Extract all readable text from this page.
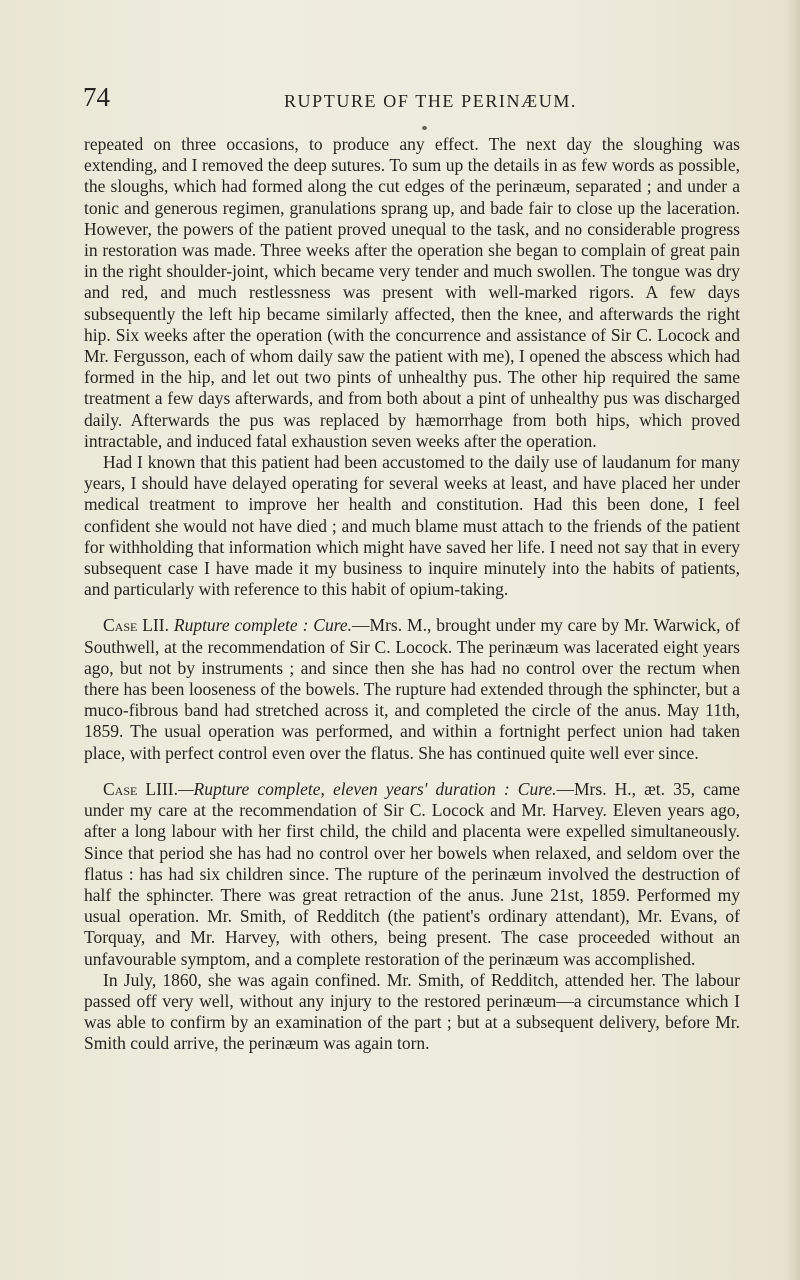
74	RUPTURE OF THE PERINÆUM.

repeated on three occasions, to produce any effect. The next day the sloughing was extending, and I removed the deep sutures. To sum up the details in as few words as possible, the sloughs, which had formed along the cut edges of the perinæum, separated ; and under a tonic and generous regimen, granulations sprang up, and bade fair to close up the laceration. However, the powers of the patient proved unequal to the task, and no considerable progress in restoration was made. Three weeks after the operation she began to complain of great pain in the right shoulder-joint, which became very tender and much swollen. The tongue was dry and red, and much restlessness was present with well-marked rigors. A few days subsequently the left hip became similarly affected, then the knee, and afterwards the right hip. Six weeks after the operation (with the concurrence and assistance of Sir C. Locock and Mr. Fergusson, each of whom daily saw the patient with me), I opened the abscess which had formed in the hip, and let out two pints of unhealthy pus. The other hip required the same treatment a few days afterwards, and from both about a pint of unhealthy pus was discharged daily. Afterwards the pus was replaced by hæmorrhage from both hips, which proved intractable, and induced fatal exhaustion seven weeks after the operation.

Had I known that this patient had been accustomed to the daily use of laudanum for many years, I should have delayed operating for several weeks at least, and have placed her under medical treatment to improve her health and constitution. Had this been done, I feel confident she would not have died ; and much blame must attach to the friends of the patient for withholding that information which might have saved her life. I need not say that in every subsequent case I have made it my business to inquire minutely into the habits of patients, and particularly with reference to this habit of opium-taking.

Case LII. Rupture complete : Cure.—Mrs. M., brought under my care by Mr. Warwick, of Southwell, at the recommendation of Sir C. Locock. The perinæum was lacerated eight years ago, but not by instruments ; and since then she has had no control over the rectum when there has been looseness of the bowels. The rupture had extended through the sphincter, but a muco-fibrous band had stretched across it, and completed the circle of the anus. May 11th, 1859. The usual operation was performed, and within a fortnight perfect union had taken place, with perfect control even over the flatus. She has continued quite well ever since.

Case LIII.—Rupture complete, eleven years' duration : Cure.—Mrs. H., æt. 35, came under my care at the recommendation of Sir C. Locock and Mr. Harvey. Eleven years ago, after a long labour with her first child, the child and placenta were expelled simultaneously. Since that period she has had no control over her bowels when relaxed, and seldom over the flatus : has had six children since. The rupture of the perinæum involved the destruction of half the sphincter. There was great retraction of the anus. June 21st, 1859. Performed my usual operation. Mr. Smith, of Redditch (the patient's ordinary attendant), Mr. Evans, of Torquay, and Mr. Harvey, with others, being present. The case proceeded without an unfavourable symptom, and a complete restoration of the perinæum was accomplished.

In July, 1860, she was again confined. Mr. Smith, of Redditch, attended her. The labour passed off very well, without any injury to the restored perinæum—a circumstance which I was able to confirm by an examination of the part ; but at a subsequent delivery, before Mr. Smith could arrive, the perinæum was again torn.
